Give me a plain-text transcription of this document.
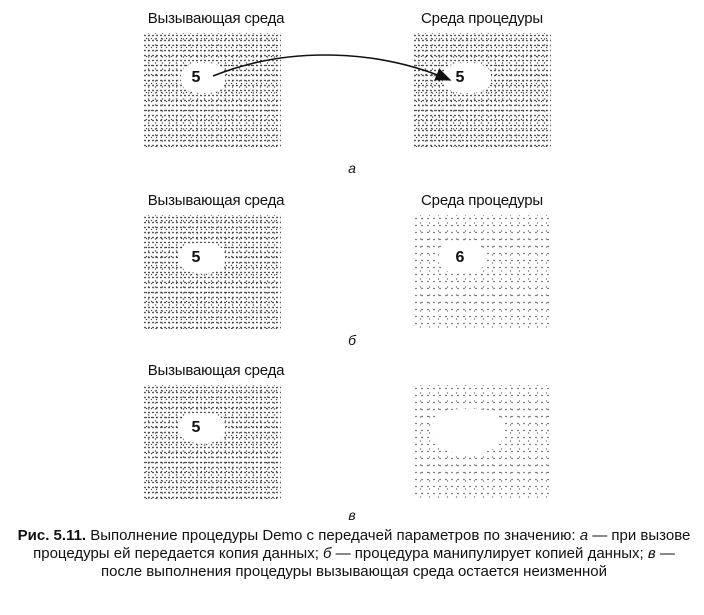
Вызывающая среда	Среда процедуры
5	5
а
Вызывающая среда	Среда процедуры
5	6
б
Вызывающая среда
5
в
Рис. 5.11. Выполнение процедуры Demo с передачей параметров по значению: а — при вызове процедуры ей передается копия данных; б — процедура манипулирует копией данных; в — после выполнения процедуры вызывающая среда остается неизменной
